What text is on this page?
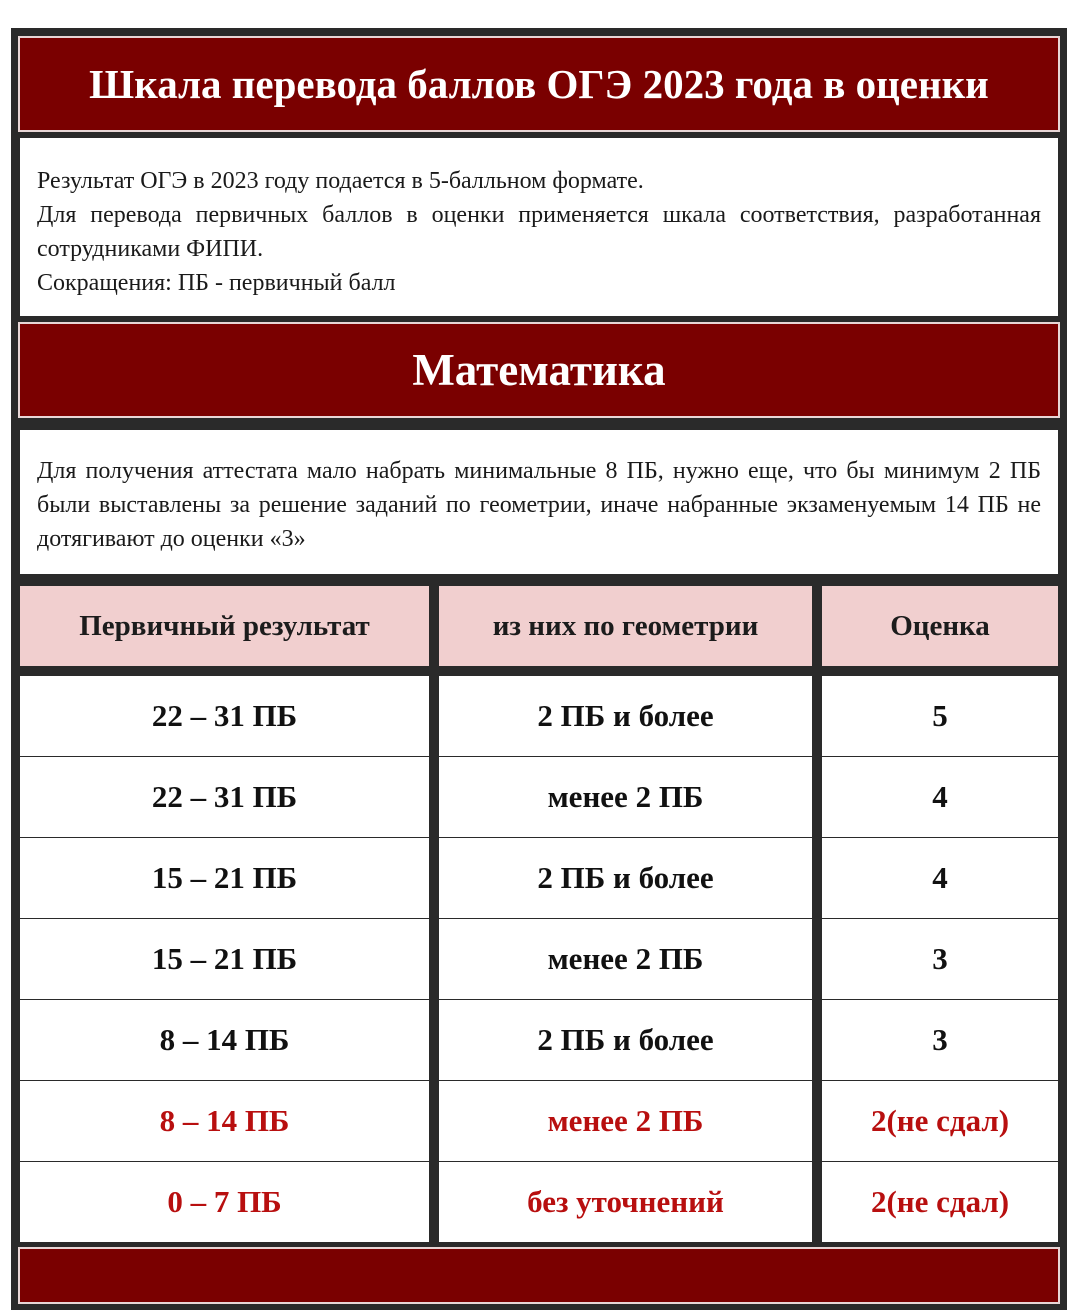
Шкала перевода баллов ОГЭ 2023 года в оценки

Результат ОГЭ в 2023 году подается в 5-балльном формате.

Для перевода первичных баллов в оценки применяется шкала соответствия, разработанная сотрудниками ФИПИ.

Сокращения: ПБ - первичный балл

Математика

Для получения аттестата мало набрать минимальные 8 ПБ, нужно еще, что бы минимум 2 ПБ были выставлены за решение заданий по геометрии, иначе набранные экзаменуемым 14 ПБ не дотягивают до оценки «3»

Первичный результат	из них по геометрии	Оценка
22 – 31 ПБ	2 ПБ и более	5
22 – 31 ПБ	менее 2 ПБ	4
15 – 21 ПБ	2 ПБ и более	4
15 – 21 ПБ	менее 2 ПБ	3
8 – 14 ПБ	2 ПБ и более	3
8 – 14 ПБ	менее 2 ПБ	2(не сдал)
0 – 7 ПБ	без уточнений	2(не сдал)
